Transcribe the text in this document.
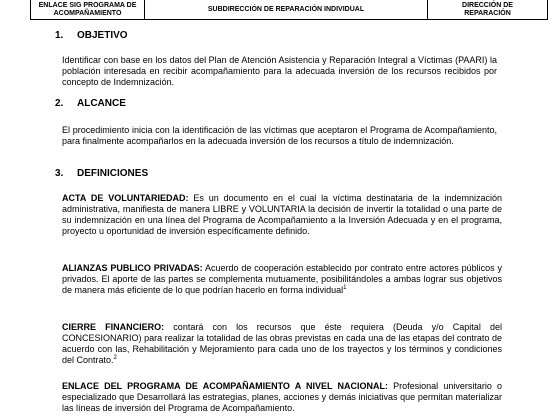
ENLACE SIG PROGRAMA DE
ACOMPAÑAMIENTO
SUBDIRECCIÓN DE REPARACIÓN INDIVIDUAL
DIRECCIÓN DE
REPARACIÓN
1. OBJETIVO
Identificar con base en los datos del Plan de Atención Asistencia y Reparación Integral a Víctimas (PAARI) la población interesada en recibir acompañamiento para la adecuada inversión de los recursos recibidos por concepto de Indemnización.
2. ALCANCE
El procedimiento inicia con la identificación de las víctimas que aceptaron el Programa de Acompañamiento, para finalmente acompañarlos en la adecuada inversión de los recursos a título de indemnización.
3. DEFINICIONES
ACTA DE VOLUNTARIEDAD: Es un documento en el cual la víctima destinataria de la indemnización administrativa, manifiesta de manera LIBRE y VOLUNTARIA la decisión de invertir la totalidad o una parte de su indemnización en una línea del Programa de Acompañamiento a la Inversión Adecuada y en el programa, proyecto u oportunidad de inversión específicamente definido.
ALIANZAS PUBLICO PRIVADAS: Acuerdo de cooperación establecido por contrato entre actores públicos y privados. El aporte de las partes se complementa mutuamente, posibilitándoles a ambas lograr sus objetivos de manera más eficiente de lo que podrían hacerlo en forma individual$^1$
CIERRE FINANCIERO: contará con los recursos que éste requiera (Deuda y/o Capital del CONCESIONARIO) para realizar la totalidad de las obras previstas en cada una de las etapas del contrato de acuerdo con las, Rehabilitación y Mejoramiento para cada uno de los trayectos y los términos y condiciones del Contrato.$^2$
ENLACE DEL PROGRAMA DE ACOMPAÑAMIENTO A NIVEL NACIONAL: Profesional universitario o especializado que Desarrollará las estrategias, planes, acciones y demás iniciativas que permitan materializar las líneas de inversión del Programa de Acompañamiento.
